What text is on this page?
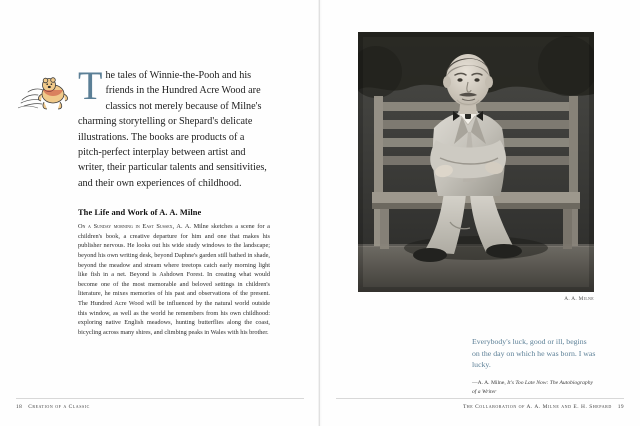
T he tales of Winnie-the-Pooh and his friends in the Hundred Acre Wood are classics not merely because of Milne's charming storytelling or Shepard's delicate illustrations. The books are products of a pitch-perfect interplay between artist and writer, their particular talents and sensitivities, and their own experiences of childhood.

The Life and Work of A. A. Milne

On a Sunday morning in East Sussex, A. A. Milne sketches a scene for a children's book, a creative departure for him and one that makes his publisher nervous. He looks out his wide study windows to the landscape; beyond his own writing desk, beyond Daphne's garden still bathed in shade, beyond the meadow and stream where treetops catch early morning light like fish in a net. Beyond is Ashdown Forest. In creating what would become one of the most memorable and beloved settings in children's literature, he mixes memories of his past and observations of the present. The Hundred Acre Wood will be influenced by the natural world outside this window, as well as the world he remembers from his own childhood: exploring native English meadows, hunting butterflies along the coast, bicycling across many shires, and climbing peaks in Wales with his brother.

18 Creation of a Classic
A. A. Milne

Everybody's luck, good or ill, begins on the day on which he was born. I was lucky.

—A. A. Milne, It's Too Late Now: The Autobiography of a Writer

The Collaboration of A. A. Milne and E. H. Shepard 19
